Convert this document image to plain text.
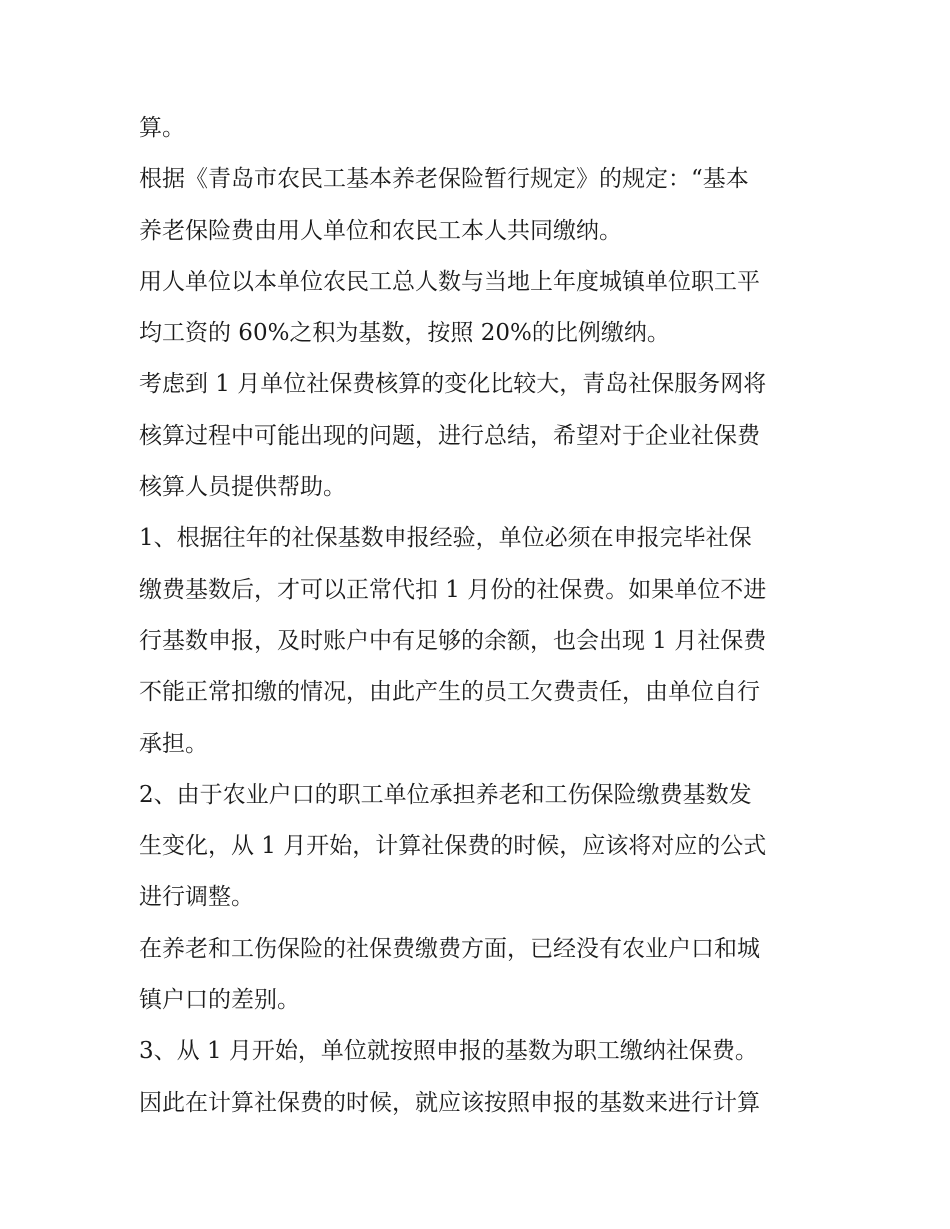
算。

根据《青岛市农民工基本养老保险暂行规定》的规定：“基本
养老保险费由用人单位和农民工本人共同缴纳。

用人单位以本单位农民工总人数与当地上年度城镇单位职工平
均工资的 60%之积为基数，按照 20%的比例缴纳。

考虑到 1 月单位社保费核算的变化比较大，青岛社保服务网将
核算过程中可能出现的问题，进行总结，希望对于企业社保费
核算人员提供帮助。

1、根据往年的社保基数申报经验，单位必须在申报完毕社保
缴费基数后，才可以正常代扣 1 月份的社保费。如果单位不进
行基数申报，及时账户中有足够的余额，也会出现 1 月社保费
不能正常扣缴的情况，由此产生的员工欠费责任，由单位自行
承担。

2、由于农业户口的职工单位承担养老和工伤保险缴费基数发
生变化，从 1 月开始，计算社保费的时候，应该将对应的公式
进行调整。

在养老和工伤保险的社保费缴费方面，已经没有农业户口和城
镇户口的差别。

3、从 1 月开始，单位就按照申报的基数为职工缴纳社保费。

因此在计算社保费的时候，就应该按照申报的基数来进行计算
